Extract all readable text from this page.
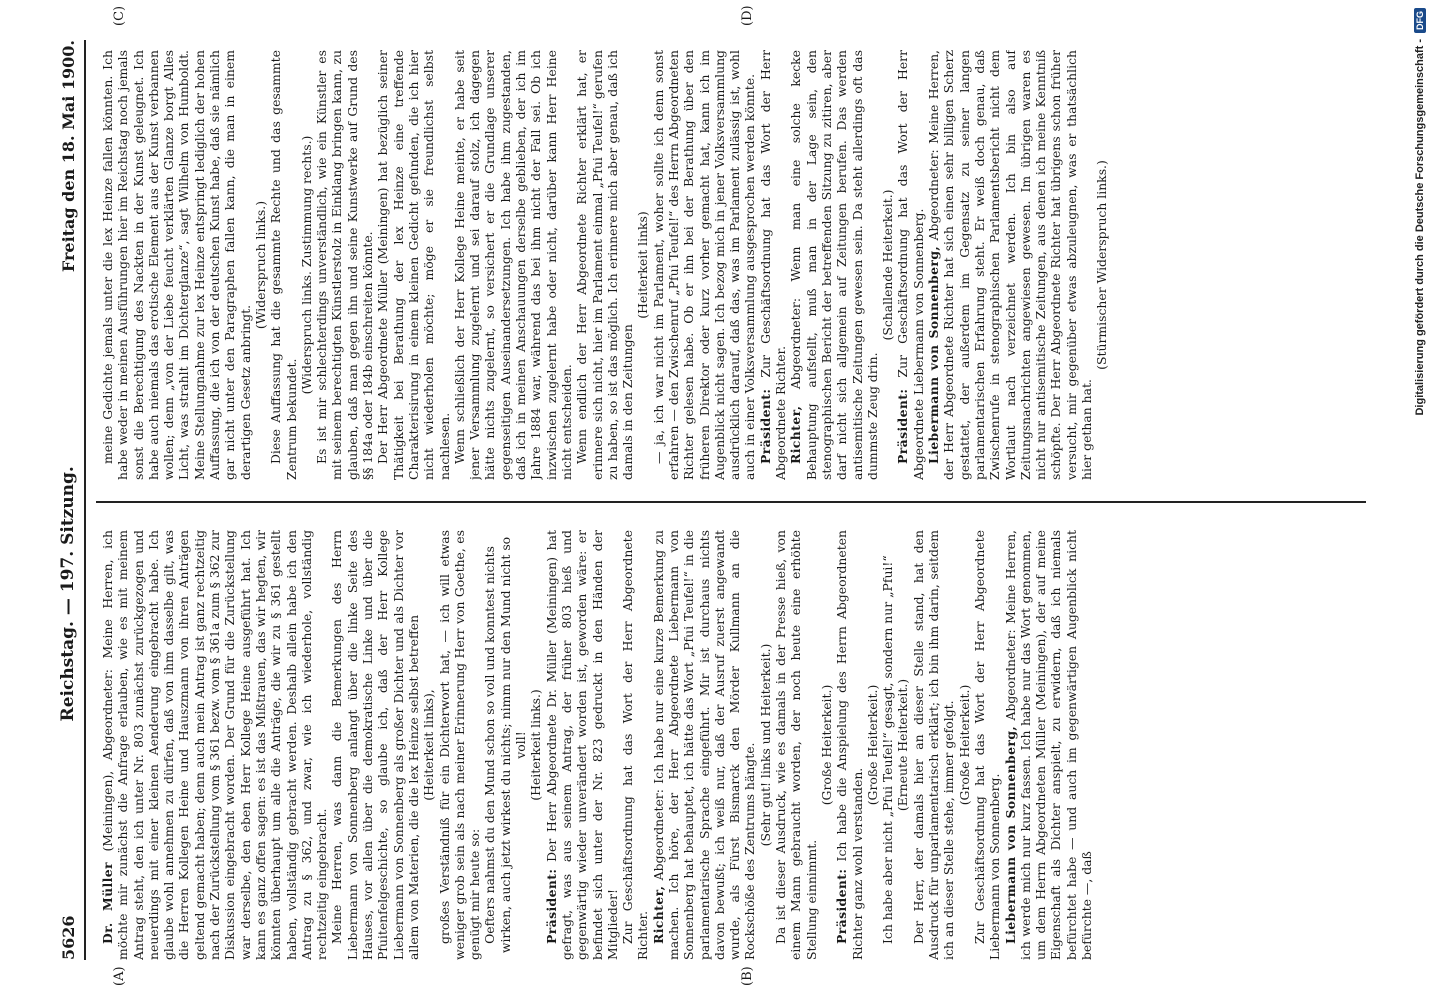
5626
Reichstag. — 197. Sitzung.
Freitag den 18. Mai 1900.
(A)	(B)
(C)	(D)

Dr. Müller (Meiningen), Abgeordneter: Meine Herren, ich möchte mir zunächst die Anfrage erlauben, wie es mit meinem Antrag steht, den ich unter Nr. 803 zunächst zurückgezogen und neuerdings mit einer kleinen Aenderung eingebracht habe. Ich glaube wohl annehmen zu dürfen, daß von ihm dasselbe gilt, was die Herren Kollegen Heine und Hauszmann von ihren Anträgen geltend gemacht haben; denn auch mein Antrag ist ganz rechtzeitig nach der Zurückstellung vom § 361 bezw. vom § 361a zum § 362 zur Diskussion eingebracht worden. Der Grund für die Zurückstellung war derselbe, den eben Herr Kollege Heine ausgeführt hat. Ich kann es ganz offen sagen: es ist das Mißtrauen, das wir hegten, wir könnten überhaupt um alle die Anträge, die wir zu § 361 gestellt haben, vollständig gebracht werden. Deshalb allein habe ich den Antrag zu § 362, und zwar, wie ich wiederhole, vollständig rechtzeitig eingebracht. Meine Herren, was dann die Bemerkungen des Herrn Liebermann von Sonnenberg anlangt über die linke Seite des Hauses, vor allen über die demokratische Linke und über die Pfuitenfelgeschichte, so glaube ich, daß der Herr Kollege Liebermann von Sonnenberg als großer Dichter und als Dichter vor allem von Materien, die die lex Heinze selbst betreffen (Heiterkeit links), großes Verständniß für ein Dichterwort hat, — ich will etwas weniger grob sein als nach meiner Erinnerung Herr von Goethe, es genügt mir heute so: Oefters nahmst du den Mund schon so voll und konntest nichts wirken, auch jetzt wirkest du nichts; nimm nur den Mund nicht so voll! (Heiterkeit links.)

Präsident: Der Herr Abgeordnete Dr. Müller (Meiningen) hat gefragt, was aus seinem Antrag, der früher 803 hieß und gegenwärtig wieder unverändert worden ist, geworden wäre: er befindet sich unter der Nr. 823 gedruckt in den Händen der Mitglieder! Zur Geschäftsordnung hat das Wort der Herr Abgeordnete Richter. Richter, Abgeordneter: Ich habe nur eine kurze Bemerkung zu machen. Ich höre, der Herr Abgeordnete Liebermann von Sonnenberg hat behauptet, ich hätte das Wort „Pfui Teufel!“ in die parlamentarische Sprache eingeführt. Mir ist durchaus nichts davon bewußt; ich weiß nur, daß der Ausruf zuerst angewandt wurde, als Fürst Bismarck den Mörder Kullmann an die Rockschöße des Zentrums hängte. (Sehr gut! links und Heiterkeit.) Da ist dieser Ausdruck, wie es damals in der Presse hieß, von einem Mann gebraucht worden, der noch heute eine erhöhte Stellung einnimmt.

(Große Heiterkeit.)

Präsident: Ich habe die Anspielung des Herrn Abgeordneten Richter ganz wohl verstanden.

(Große Heiterkeit.) Ich habe aber nicht „Pfui Teufel!“ gesagt, sondern nur „Pfui!“ (Erneute Heiterkeit.) Der Herr, der damals hier an dieser Stelle stand, hat den Ausdruck für unparlamentarisch erklärt; ich bin ihm darin, seitdem ich an dieser Stelle stehe, immer gefolgt. (Große Heiterkeit.) Zur Geschäftsordnung hat das Wort der Herr Abgeordnete Liebermann von Sonnenberg. Liebermann von Sonnenberg, Abgeordneter: Meine Herren, ich werde mich nur kurz fassen. Ich habe nur das Wort genommen, um dem Herrn Abgeordneten Müller (Meiningen), der auf meine Eigenschaft als Dichter anspielt, zu erwidern, daß ich niemals befürchtet habe — und auch im gegenwärtigen Augenblick nicht befürchte —, daß

meine Gedichte jemals unter die lex Heinze fallen könnten. Ich habe weder in meinen Ausführungen hier im Reichstag noch jemals sonst die Berechtigung des Nackten in der Kunst geleugnet. Ich habe auch niemals das erotische Element aus der Kunst verbannen wollen; denn „von der Liebe feucht verklärten Glanze borgt Alles Licht, was strahlt im Dichterglanze“, sagt Wilhelm von Humboldt. Meine Stellungnahme zur lex Heinze entspringt lediglich der hohen Auffassung, die ich von der deutschen Kunst habe, daß sie nämlich gar nicht unter den Paragraphen fallen kann, die man in einem derartigen Gesetz anbringt.

(Widerspruch links.) Diese Auffassung hat die gesammte Rechte und das gesammte Zentrum bekundet.

(Widerspruch links. Zustimmung rechts.) Es ist mir schlechterdings unverständlich, wie ein Künstler es mit seinem berechtigten Künstlerstolz in Einklang bringen kann, zu glauben, daß man gegen ihn und seine Kunstwerke auf Grund des §§ 184a oder 184b einschreiten könnte. Der Herr Abgeordnete Müller (Meiningen) hat bezüglich seiner Thätigkeit bei Berathung der lex Heinze eine treffende Charakterisirung in einem kleinen Gedicht gefunden, die ich hier nicht wiederholen möchte; möge er sie freundlichst selbst nachlesen. Wenn schließlich der Herr Kollege Heine meinte, er habe seit jener Versammlung zugelernt und sei darauf stolz, ich dagegen hätte nichts zugelernt, so versichert er die Grundlage unserer gegenseitigen Auseinandersetzungen. Ich habe ihm zugestanden, daß ich in meinen Anschauungen derselbe geblieben, der ich im Jahre 1884 war, während das bei ihm nicht der Fall sei. Ob ich inzwischen zugelernt habe oder nicht, darüber kann Herr Heine nicht entscheiden. Wenn endlich der Herr Abgeordnete Richter erklärt hat, er erinnere sich nicht, hier im Parlament einmal „Pfui Teufel!“ gerufen zu haben, so ist das möglich. Ich erinnere mich aber genau, daß ich damals in den Zeitungen

(Heiterkeit links) — ja, ich war nicht im Parlament, woher sollte ich denn sonst erfahren — den Zwischenruf „Pfui Teufel!“ des Herrn Abgeordneten Richter gelesen habe. Ob er ihn bei der Berathung über den früheren Direktor oder kurz vorher gemacht hat, kann ich im Augenblick nicht sagen. Ich bezog mich in jener Volksversammlung ausdrücklich darauf, daß das, was im Parlament zulässig ist, wohl auch in einer Volksversammlung ausgesprochen werden könnte. Präsident: Zur Geschäftsordnung hat das Wort der Herr Abgeordnete Richter. Richter, Abgeordneter: Wenn man eine solche kecke Behauptung aufstellt, muß man in der Lage sein, den stenographischen Bericht der betreffenden Sitzung zu zitiren, aber darf nicht sich allgemein auf Zeitungen berufen. Das werden antisemitische Zeitungen gewesen sein. Da steht allerdings oft das dummste Zeug drin.

(Schallende Heiterkeit.)

Präsident: Zur Geschäftsordnung hat das Wort der Herr Abgeordnete Liebermann von Sonnenberg. Liebermann von Sonnenberg, Abgeordneter: Meine Herren, der Herr Abgeordnete Richter hat sich einen sehr billigen Scherz gestattet, der außerdem im Gegensatz zu seiner langen parlamentarischen Erfahrung steht. Er weiß doch genau, daß Zwischenrufe in stenographischen Parlamentsbericht nicht dem Wortlaut nach verzeichnet werden. Ich bin also auf Zeitungsnachrichten angewiesen gewesen. Im übrigen waren es nicht nur antisemitische Zeitungen, aus denen ich meine Kenntniß schöpfte. Der Herr Abgeordnete Richter hat übrigens schon früher versucht, mir gegenüber etwas abzuleugnen, was er thatsächlich hier gethan hat.

(Stürmischer Widerspruch links.)	Digitalisierung gefördert durch die Deutsche Forschungsgemeinschaft -
DFG
